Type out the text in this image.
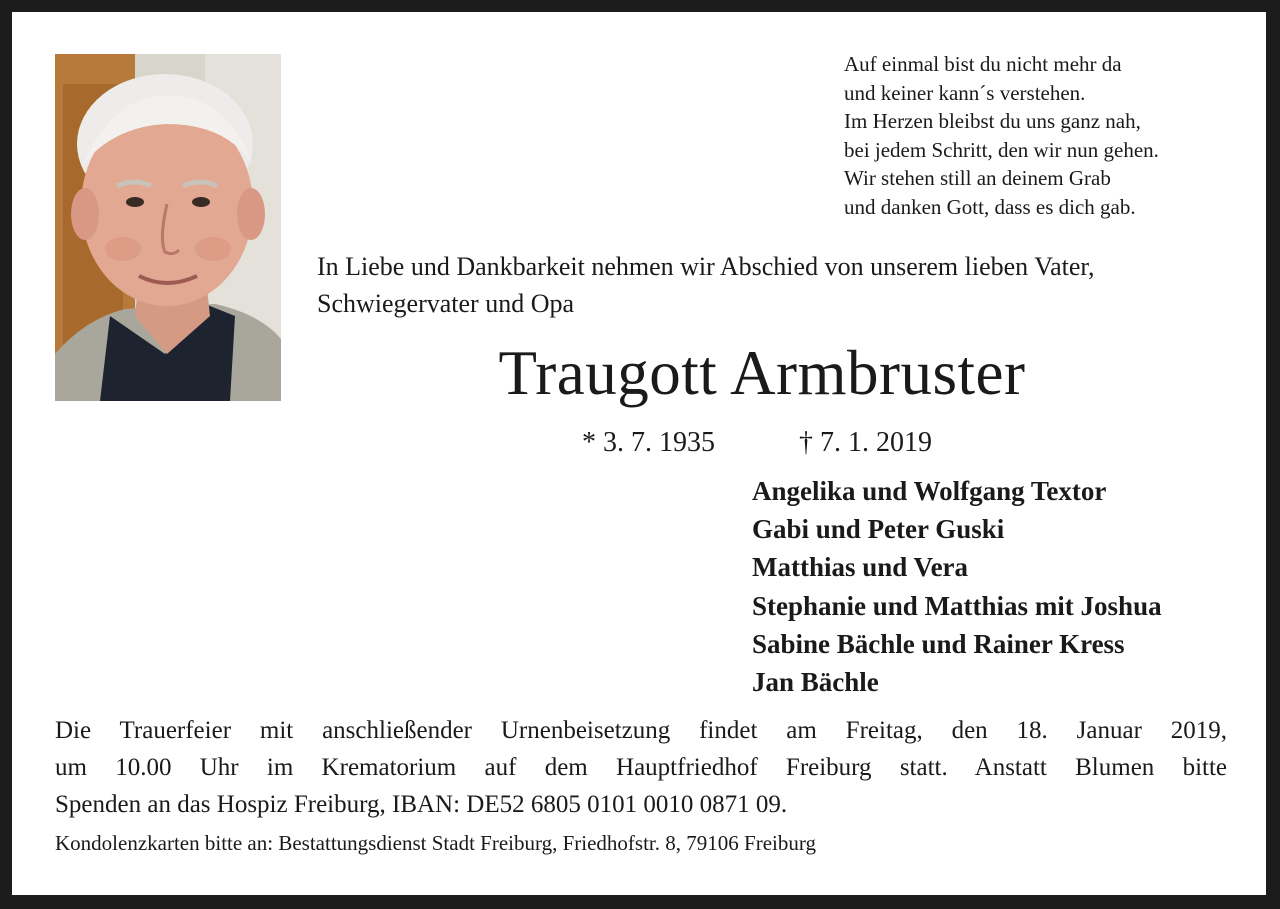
Auf einmal bist du nicht mehr da
und keiner kann´s verstehen.
Im Herzen bleibst du uns ganz nah,
bei jedem Schritt, den wir nun gehen.
Wir stehen still an deinem Grab
und danken Gott, dass es dich gab.
In Liebe und Dankbarkeit nehmen wir Abschied von unserem lieben Vater,
Schwiegervater und Opa
Traugott Armbruster
* 3. 7. 1935	† 7. 1. 2019
Angelika und Wolfgang Textor
Gabi und Peter Guski
Matthias und Vera
Stephanie und Matthias mit Joshua
Sabine Bächle und Rainer Kress
Jan Bächle
Die Trauerfeier mit anschließender Urnenbeisetzung findet am Freitag, den 18. Januar 2019,
um 10.00 Uhr im Krematorium auf dem Hauptfriedhof Freiburg statt. Anstatt Blumen bitte
Spenden an das Hospiz Freiburg, IBAN: DE52 6805 0101 0010 0871 09.
Kondolenzkarten bitte an: Bestattungsdienst Stadt Freiburg, Friedhofstr. 8, 79106 Freiburg
